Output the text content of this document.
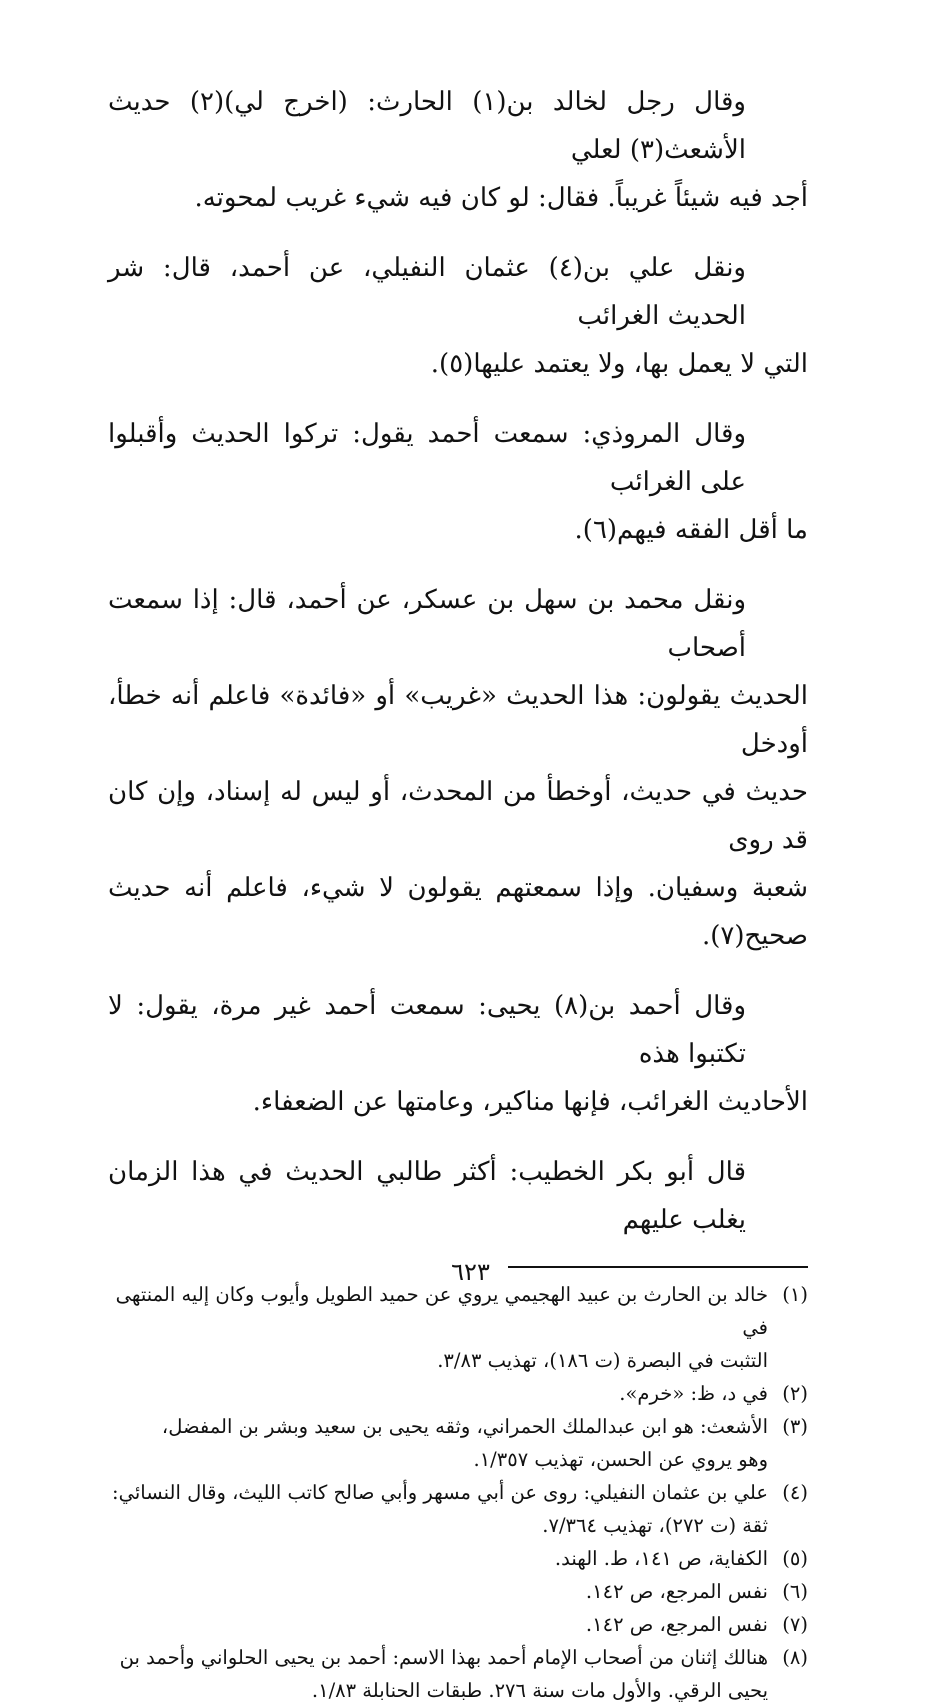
وقال رجل لخالد بن(١) الحارث: (اخرج لي)(٢) حديث الأشعث(٣) لعلي
أجد فيه شيئاً غريباً. فقال: لو كان فيه شيء غريب لمحوته.

ونقل علي بن(٤) عثمان النفيلي، عن أحمد، قال: شر الحديث الغرائب
التي لا يعمل بها، ولا يعتمد عليها(٥).

وقال المروذي: سمعت أحمد يقول: تركوا الحديث وأقبلوا على الغرائب
ما أقل الفقه فيهم(٦).

ونقل محمد بن سهل بن عسكر، عن أحمد، قال: إذا سمعت أصحاب
الحديث يقولون: هذا الحديث «غريب» أو «فائدة» فاعلم أنه خطأ، أودخل
حديث في حديث، أوخطأ من المحدث، أو ليس له إسناد، وإن كان قد روى
شعبة وسفيان. وإذا سمعتهم يقولون لا شيء، فاعلم أنه حديث صحيح(٧).

وقال أحمد بن(٨) يحيى: سمعت أحمد غير مرة، يقول: لا تكتبوا هذه
الأحاديث الغرائب، فإنها مناكير، وعامتها عن الضعفاء.

قال أبو بكر الخطيب: أكثر طالبي الحديث في هذا الزمان يغلب عليهم

(١)
خالد بن الحارث بن عبيد الهجيمي يروي عن حميد الطويل وأيوب وكان إليه المنتهى في
التثبت في البصرة (ت ١٨٦)، تهذيب ٣/٨٣.
(٢)
في د، ظ: «خرم».
(٣)
الأشعث: هو ابن عبدالملك الحمراني، وثقه يحيى بن سعيد وبشر بن المفضل،
وهو يروي عن الحسن، تهذيب ١/٣٥٧.
(٤)
علي بن عثمان النفيلي: روى عن أبي مسهر وأبي صالح كاتب الليث، وقال النسائي:
ثقة (ت ٢٧٢)، تهذيب ٧/٣٦٤.
(٥)
الكفاية، ص ١٤١، ط. الهند.
(٦)
نفس المرجع، ص ١٤٢.
(٧)
نفس المرجع، ص ١٤٢.
(٨)
هنالك إثنان من أصحاب الإمام أحمد بهذا الاسم: أحمد بن يحيى الحلواني وأحمد بن
يحيى الرقي. والأول مات سنة ٢٧٦. طبقات الحنابلة ١/٨٣.
٦٢٣
